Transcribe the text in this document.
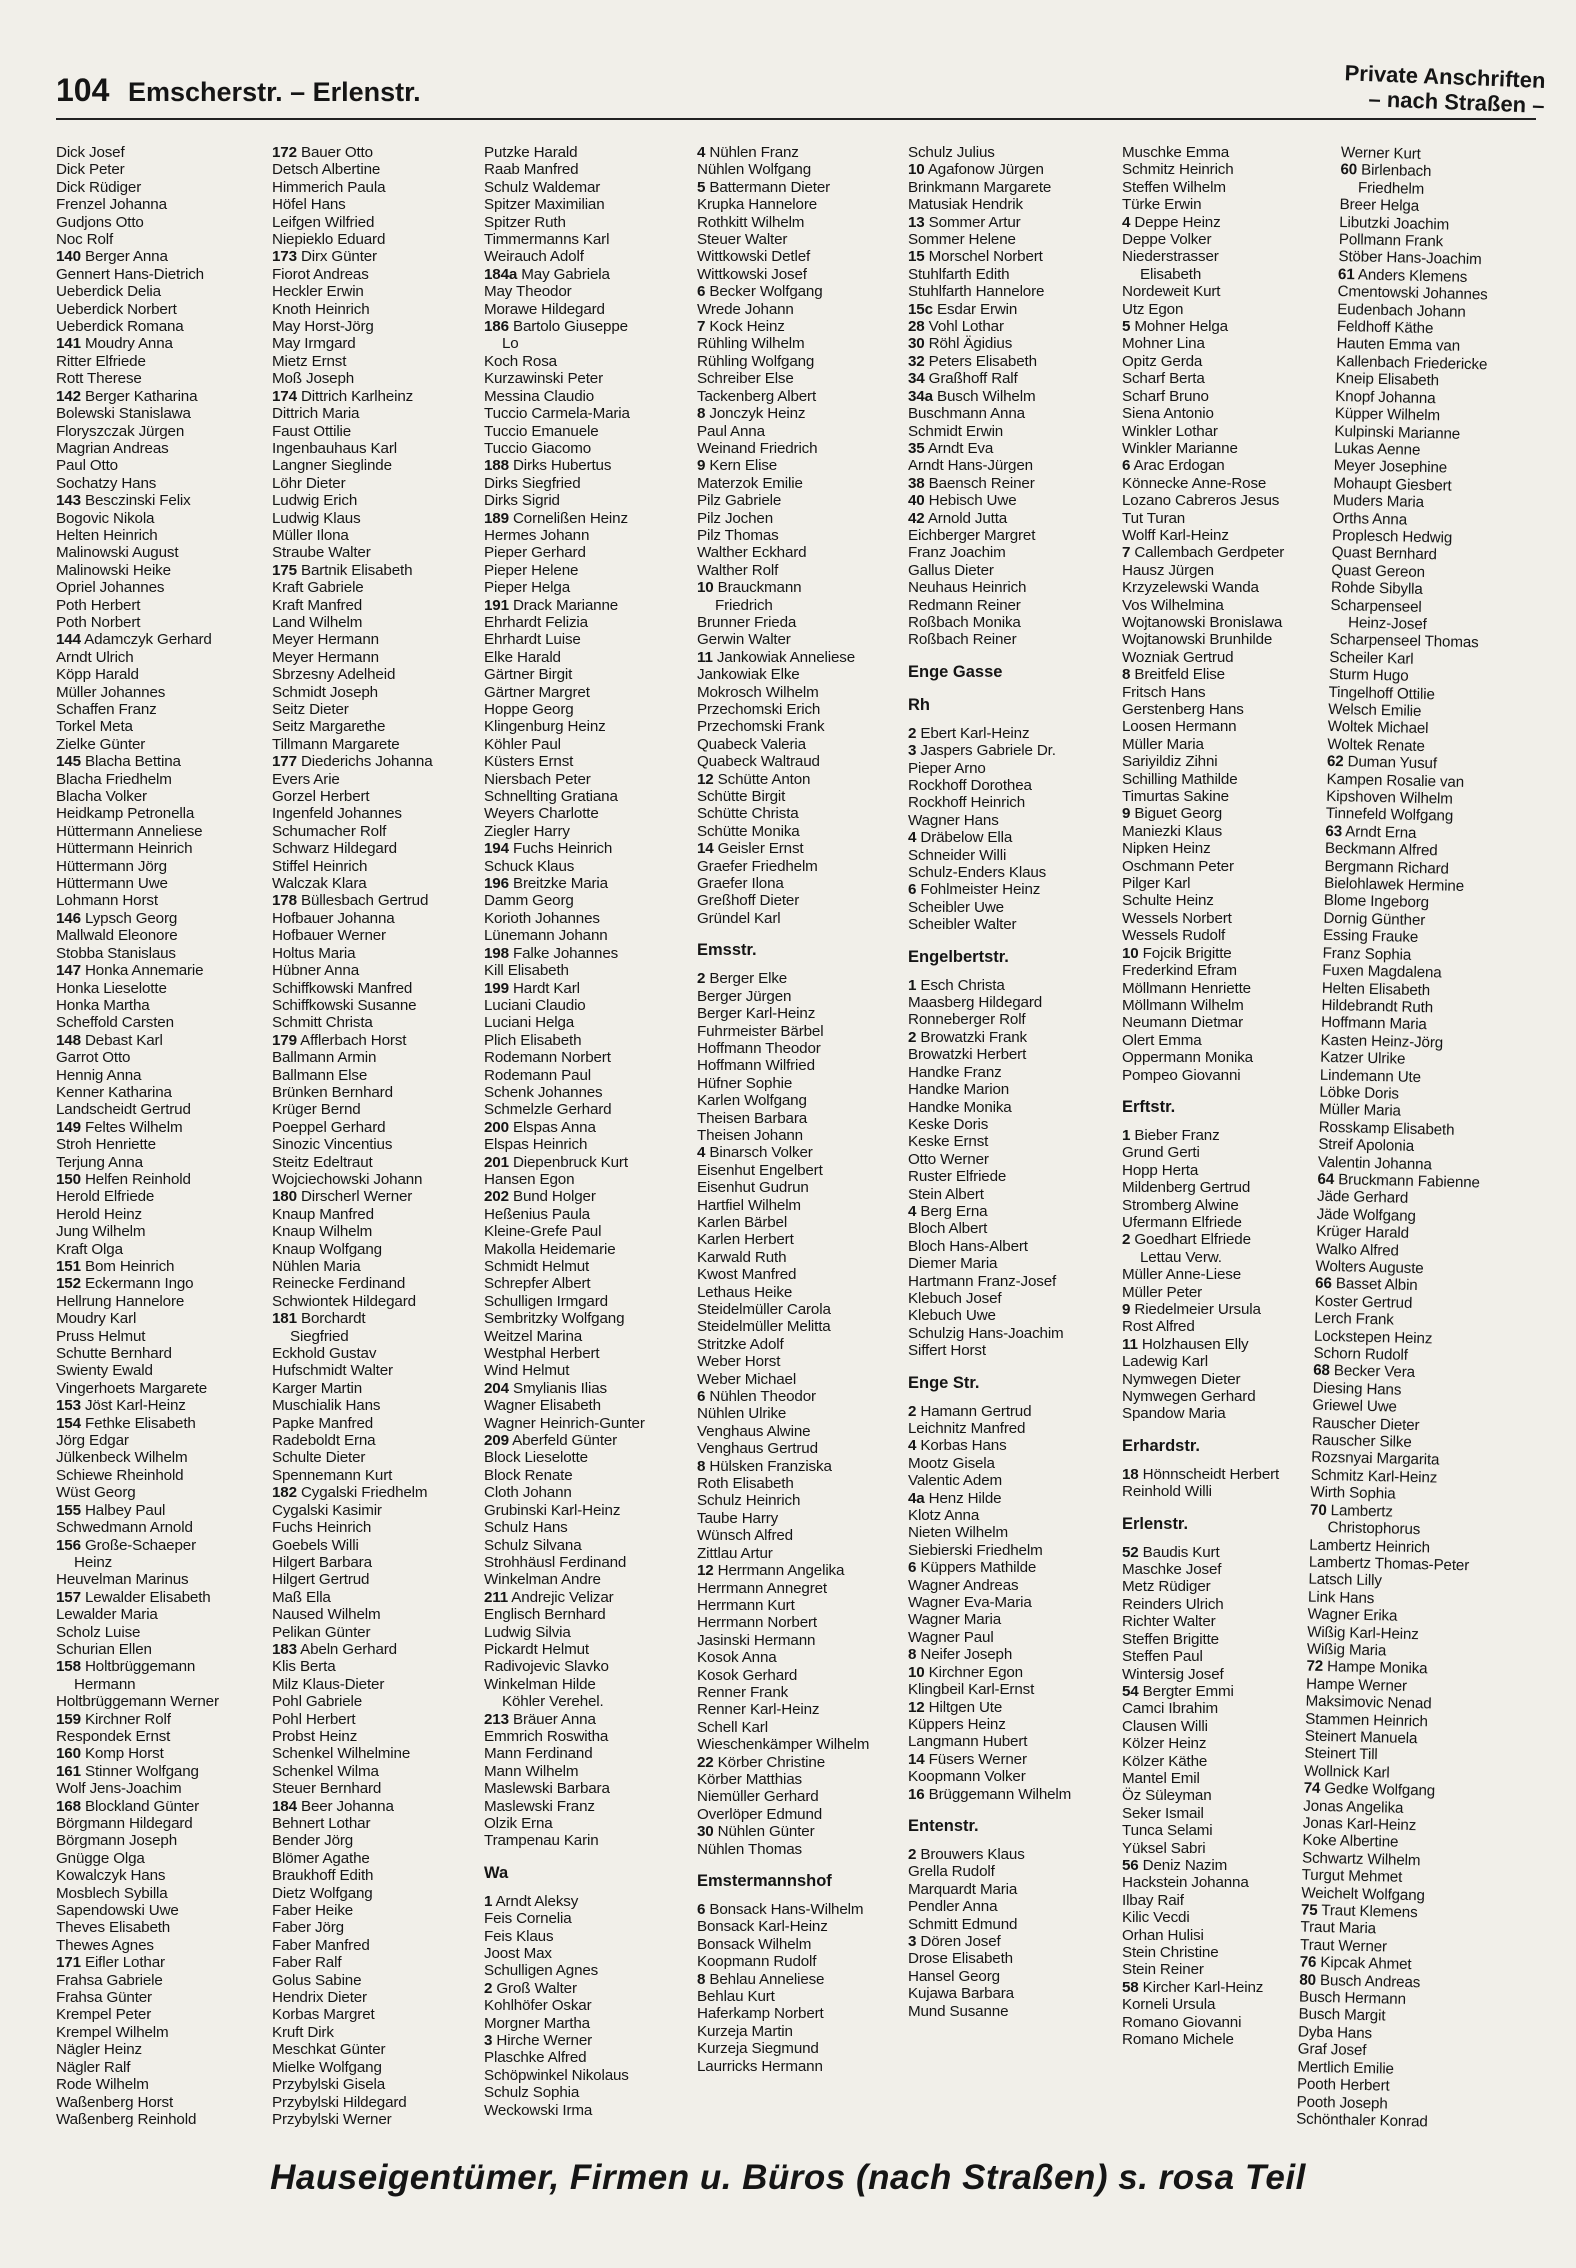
104 Emscherstr. – Erlenstr.	Private Anschriften
– nach Straßen –
Dick Josef
Dick Peter
Dick Rüdiger
Frenzel Johanna
Gudjons Otto
Noc Rolf
140 Berger Anna
Gennert Hans-Dietrich
Ueberdick Delia
Ueberdick Norbert
Ueberdick Romana
141 Moudry Anna
Ritter Elfriede
Rott Therese
142 Berger Katharina
Bolewski Stanislawa
Floryszczak Jürgen
Magrian Andreas
Paul Otto
Sochatzy Hans
143 Besczinski Felix
Bogovic Nikola
Helten Heinrich
Malinowski August
Malinowski Heike
Opriel Johannes
Poth Herbert
Poth Norbert
144 Adamczyk Gerhard
Arndt Ulrich
Köpp Harald
Müller Johannes
Schaffen Franz
Torkel Meta
Zielke Günter
145 Blacha Bettina
Blacha Friedhelm
Blacha Volker
Heidkamp Petronella
Hüttermann Anneliese
Hüttermann Heinrich
Hüttermann Jörg
Hüttermann Uwe
Lohmann Horst
146 Lypsch Georg
Mallwald Eleonore
Stobba Stanislaus
147 Honka Annemarie
Honka Lieselotte
Honka Martha
Scheffold Carsten
148 Debast Karl
Garrot Otto
Hennig Anna
Kenner Katharina
Landscheidt Gertrud
149 Feltes Wilhelm
Stroh Henriette
Terjung Anna
150 Helfen Reinhold
Herold Elfriede
Herold Heinz
Jung Wilhelm
Kraft Olga
151 Bom Heinrich
152 Eckermann Ingo
Hellrung Hannelore
Moudry Karl
Pruss Helmut
Schutte Bernhard
Swienty Ewald
Vingerhoets Margarete
153 Jöst Karl-Heinz
154 Fethke Elisabeth
Jörg Edgar
Jülkenbeck Wilhelm
Schiewe Rheinhold
Wüst Georg
155 Halbey Paul
Schwedmann Arnold
156 Große-Schaeper
Heinz
Heuvelman Marinus
157 Lewalder Elisabeth
Lewalder Maria
Scholz Luise
Schurian Ellen
158 Holtbrüggemann
Hermann
Holtbrüggemann Werner
159 Kirchner Rolf
Respondek Ernst
160 Komp Horst
161 Stinner Wolfgang
Wolf Jens-Joachim
168 Blockland Günter
Börgmann Hildegard
Börgmann Joseph
Gnügge Olga
Kowalczyk Hans
Mosblech Sybilla
Sapendowski Uwe
Theves Elisabeth
Thewes Agnes
171 Eifler Lothar
Frahsa Gabriele
Frahsa Günter
Krempel Peter
Krempel Wilhelm
Nägler Heinz
Nägler Ralf
Rode Wilhelm
Waßenberg Horst
Waßenberg Reinhold
172 Bauer Otto
Detsch Albertine
Himmerich Paula
Höfel Hans
Leifgen Wilfried
Niepieklo Eduard
173 Dirx Günter
Fiorot Andreas
Heckler Erwin
Knoth Heinrich
May Horst-Jörg
May Irmgard
Mietz Ernst
Moß Joseph
174 Dittrich Karlheinz
Dittrich Maria
Faust Ottilie
Ingenbauhaus Karl
Langner Sieglinde
Löhr Dieter
Ludwig Erich
Ludwig Klaus
Müller Ilona
Straube Walter
175 Bartnik Elisabeth
Kraft Gabriele
Kraft Manfred
Land Wilhelm
Meyer Hermann
Meyer Hermann
Sbrzesny Adelheid
Schmidt Joseph
Seitz Dieter
Seitz Margarethe
Tillmann Margarete
177 Diederichs Johanna
Evers Arie
Gorzel Herbert
Ingenfeld Johannes
Schumacher Rolf
Schwarz Hildegard
Stiffel Heinrich
Walczak Klara
178 Büllesbach Gertrud
Hofbauer Johanna
Hofbauer Werner
Holtus Maria
Hübner Anna
Schiffkowski Manfred
Schiffkowski Susanne
Schmitt Christa
179 Afflerbach Horst
Ballmann Armin
Ballmann Else
Brünken Bernhard
Krüger Bernd
Poeppel Gerhard
Sinozic Vincentius
Steitz Edeltraut
Wojciechowski Johann
180 Dirscherl Werner
Knaup Manfred
Knaup Wilhelm
Knaup Wolfgang
Nühlen Maria
Reinecke Ferdinand
Schwiontek Hildegard
181 Borchardt
Siegfried
Eckhold Gustav
Hufschmidt Walter
Karger Martin
Muschialik Hans
Papke Manfred
Radeboldt Erna
Schulte Dieter
Spennemann Kurt
182 Cygalski Friedhelm
Cygalski Kasimir
Fuchs Heinrich
Goebels Willi
Hilgert Barbara
Hilgert Gertrud
Maß Ella
Naused Wilhelm
Pelikan Günter
183 Abeln Gerhard
Klis Berta
Milz Klaus-Dieter
Pohl Gabriele
Pohl Herbert
Probst Heinz
Schenkel Wilhelmine
Schenkel Wilma
Steuer Bernhard
184 Beer Johanna
Behnert Lothar
Bender Jörg
Blömer Agathe
Braukhoff Edith
Dietz Wolfgang
Faber Heike
Faber Jörg
Faber Manfred
Faber Ralf
Golus Sabine
Hendrix Dieter
Korbas Margret
Kruft Dirk
Meschkat Günter
Mielke Wolfgang
Przybylski Gisela
Przybylski Hildegard
Przybylski Werner
Putzke Harald
Raab Manfred
Schulz Waldemar
Spitzer Maximilian
Spitzer Ruth
Timmermanns Karl
Weirauch Adolf
184a May Gabriela
May Theodor
Morawe Hildegard
186 Bartolo Giuseppe
Lo
Koch Rosa
Kurzawinski Peter
Messina Claudio
Tuccio Carmela-Maria
Tuccio Emanuele
Tuccio Giacomo
188 Dirks Hubertus
Dirks Siegfried
Dirks Sigrid
189 Cornelißen Heinz
Hermes Johann
Pieper Gerhard
Pieper Helene
Pieper Helga
191 Drack Marianne
Ehrhardt Felizia
Ehrhardt Luise
Elke Harald
Gärtner Birgit
Gärtner Margret
Hoppe Georg
Klingenburg Heinz
Köhler Paul
Küsters Ernst
Niersbach Peter
Schnellting Gratiana
Weyers Charlotte
Ziegler Harry
194 Fuchs Heinrich
Schuck Klaus
196 Breitzke Maria
Damm Georg
Korioth Johannes
Lünemann Johann
198 Falke Johannes
Kill Elisabeth
199 Hardt Karl
Luciani Claudio
Luciani Helga
Plich Elisabeth
Rodemann Norbert
Rodemann Paul
Schenk Johannes
Schmelzle Gerhard
200 Elspas Anna
Elspas Heinrich
201 Diepenbruck Kurt
Hansen Egon
202 Bund Holger
Heßenius Paula
Kleine-Grefe Paul
Makolla Heidemarie
Schmidt Helmut
Schrepfer Albert
Schulligen Irmgard
Sembritzky Wolfgang
Weitzel Marina
Westphal Herbert
Wind Helmut
204 Smylianis Ilias
Wagner Elisabeth
Wagner Heinrich-Gunter
209 Aberfeld Günter
Block Lieselotte
Block Renate
Cloth Johann
Grubinski Karl-Heinz
Schulz Hans
Schulz Silvana
Strohhäusl Ferdinand
Winkelman Andre
211 Andrejic Velizar
Englisch Bernhard
Ludwig Silvia
Pickardt Helmut
Radivojevic Slavko
Winkelman Hilde
Köhler Verehel.
213 Bräuer Anna
Emmrich Roswitha
Mann Ferdinand
Mann Wilhelm
Maslewski Barbara
Maslewski Franz
Olzik Erna
Trampenau Karin
Wa
1 Arndt Aleksy
Feis Cornelia
Feis Klaus
Joost Max
Schulligen Agnes
2 Groß Walter
Kohlhöfer Oskar
Morgner Martha
3 Hirche Werner
Plaschke Alfred
Schöpwinkel Nikolaus
Schulz Sophia
Weckowski Irma
4 Nühlen Franz
Nühlen Wolfgang
5 Battermann Dieter
Krupka Hannelore
Rothkitt Wilhelm
Steuer Walter
Wittkowski Detlef
Wittkowski Josef
6 Becker Wolfgang
Wrede Johann
7 Kock Heinz
Rühling Wilhelm
Rühling Wolfgang
Schreiber Else
Tackenberg Albert
8 Jonczyk Heinz
Paul Anna
Weinand Friedrich
9 Kern Elise
Materzok Emilie
Pilz Gabriele
Pilz Jochen
Pilz Thomas
Walther Eckhard
Walther Rolf
10 Brauckmann
Friedrich
Brunner Frieda
Gerwin Walter
11 Jankowiak Anneliese
Jankowiak Elke
Mokrosch Wilhelm
Przechomski Erich
Przechomski Frank
Quabeck Valeria
Quabeck Waltraud
12 Schütte Anton
Schütte Birgit
Schütte Christa
Schütte Monika
14 Geisler Ernst
Graefer Friedhelm
Graefer Ilona
Greßhoff Dieter
Gründel Karl
Emsstr.
2 Berger Elke
Berger Jürgen
Berger Karl-Heinz
Fuhrmeister Bärbel
Hoffmann Theodor
Hoffmann Wilfried
Hüfner Sophie
Karlen Wolfgang
Theisen Barbara
Theisen Johann
4 Binarsch Volker
Eisenhut Engelbert
Eisenhut Gudrun
Hartfiel Wilhelm
Karlen Bärbel
Karlen Herbert
Karwald Ruth
Kwost Manfred
Lethaus Heike
Steidelmüller Carola
Steidelmüller Melitta
Stritzke Adolf
Weber Horst
Weber Michael
6 Nühlen Theodor
Nühlen Ulrike
Venghaus Alwine
Venghaus Gertrud
8 Hülsken Franziska
Roth Elisabeth
Schulz Heinrich
Taube Harry
Wünsch Alfred
Zittlau Artur
12 Herrmann Angelika
Herrmann Annegret
Herrmann Kurt
Herrmann Norbert
Jasinski Hermann
Kosok Anna
Kosok Gerhard
Renner Frank
Renner Karl-Heinz
Schell Karl
Wieschenkämper Wilhelm
22 Körber Christine
Körber Matthias
Niemüller Gerhard
Overlöper Edmund
30 Nühlen Günter
Nühlen Thomas
Emstermannshof
6 Bonsack Hans-Wilhelm
Bonsack Karl-Heinz
Bonsack Wilhelm
Koopmann Rudolf
8 Behlau Anneliese
Behlau Kurt
Haferkamp Norbert
Kurzeja Martin
Kurzeja Siegmund
Laurricks Hermann
Schulz Julius
10 Agafonow Jürgen
Brinkmann Margarete
Matusiak Hendrik
13 Sommer Artur
Sommer Helene
15 Morschel Norbert
Stuhlfarth Edith
Stuhlfarth Hannelore
15c Esdar Erwin
28 Vohl Lothar
30 Röhl Ägidius
32 Peters Elisabeth
34 Graßhoff Ralf
34a Busch Wilhelm
Buschmann Anna
Schmidt Erwin
35 Arndt Eva
Arndt Hans-Jürgen
38 Baensch Reiner
40 Hebisch Uwe
42 Arnold Jutta
Eichberger Margret
Franz Joachim
Gallus Dieter
Neuhaus Heinrich
Redmann Reiner
Roßbach Monika
Roßbach Reiner
Enge Gasse
Rh
2 Ebert Karl-Heinz
3 Jaspers Gabriele Dr.
Pieper Arno
Rockhoff Dorothea
Rockhoff Heinrich
Wagner Hans
4 Dräbelow Ella
Schneider Willi
Schulz-Enders Klaus
6 Fohlmeister Heinz
Scheibler Uwe
Scheibler Walter
Engelbertstr.
1 Esch Christa
Maasberg Hildegard
Ronneberger Rolf
2 Browatzki Frank
Browatzki Herbert
Handke Franz
Handke Marion
Handke Monika
Keske Doris
Keske Ernst
Otto Werner
Ruster Elfriede
Stein Albert
4 Berg Erna
Bloch Albert
Bloch Hans-Albert
Diemer Maria
Hartmann Franz-Josef
Klebuch Josef
Klebuch Uwe
Schulzig Hans-Joachim
Siffert Horst
Enge Str.
2 Hamann Gertrud
Leichnitz Manfred
4 Korbas Hans
Mootz Gisela
Valentic Adem
4a Henz Hilde
Klotz Anna
Nieten Wilhelm
Siebierski Friedhelm
6 Küppers Mathilde
Wagner Andreas
Wagner Eva-Maria
Wagner Maria
Wagner Paul
8 Neifer Joseph
10 Kirchner Egon
Klingbeil Karl-Ernst
12 Hiltgen Ute
Küppers Heinz
Langmann Hubert
14 Füsers Werner
Koopmann Volker
16 Brüggemann Wilhelm
Entenstr.
2 Brouwers Klaus
Grella Rudolf
Marquardt Maria
Pendler Anna
Schmitt Edmund
3 Dören Josef
Drose Elisabeth
Hansel Georg
Kujawa Barbara
Mund Susanne
Muschke Emma
Schmitz Heinrich
Steffen Wilhelm
Türke Erwin
4 Deppe Heinz
Deppe Volker
Niederstrasser
Elisabeth
Nordeweit Kurt
Utz Egon
5 Mohner Helga
Mohner Lina
Opitz Gerda
Scharf Berta
Scharf Bruno
Siena Antonio
Winkler Lothar
Winkler Marianne
6 Arac Erdogan
Könnecke Anne-Rose
Lozano Cabreros Jesus
Tut Turan
Wolff Karl-Heinz
7 Callembach Gerdpeter
Hausz Jürgen
Krzyzelewski Wanda
Vos Wilhelmina
Wojtanowski Bronislawa
Wojtanowski Brunhilde
Wozniak Gertrud
8 Breitfeld Elise
Fritsch Hans
Gerstenberg Hans
Loosen Hermann
Müller Maria
Sariyildiz Zihni
Schilling Mathilde
Timurtas Sakine
9 Biguet Georg
Maniezki Klaus
Nipken Heinz
Oschmann Peter
Pilger Karl
Schulte Heinz
Wessels Norbert
Wessels Rudolf
10 Fojcik Brigitte
Frederkind Efram
Möllmann Henriette
Möllmann Wilhelm
Neumann Dietmar
Olert Emma
Oppermann Monika
Pompeo Giovanni
Erftstr.
1 Bieber Franz
Grund Gerti
Hopp Herta
Mildenberg Gertrud
Stromberg Alwine
Ufermann Elfriede
2 Goedhart Elfriede
Lettau Verw.
Müller Anne-Liese
Müller Peter
9 Riedelmeier Ursula
Rost Alfred
11 Holzhausen Elly
Ladewig Karl
Nymwegen Dieter
Nymwegen Gerhard
Spandow Maria
Erhardstr.
18 Hönnscheidt Herbert
Reinhold Willi
Erlenstr.
52 Baudis Kurt
Maschke Josef
Metz Rüdiger
Reinders Ulrich
Richter Walter
Steffen Brigitte
Steffen Paul
Wintersig Josef
54 Bergter Emmi
Camci Ibrahim
Clausen Willi
Kölzer Heinz
Kölzer Käthe
Mantel Emil
Öz Süleyman
Seker Ismail
Tunca Selami
Yüksel Sabri
56 Deniz Nazim
Hackstein Johanna
Ilbay Raif
Kilic Vecdi
Orhan Hulisi
Stein Christine
Stein Reiner
58 Kircher Karl-Heinz
Korneli Ursula
Romano Giovanni
Romano Michele
Werner Kurt
60 Birlenbach
Friedhelm
Breer Helga
Libutzki Joachim
Pollmann Frank
Stöber Hans-Joachim
61 Anders Klemens
Cmentowski Johannes
Eudenbach Johann
Feldhoff Käthe
Hauten Emma van
Kallenbach Friedericke
Kneip Elisabeth
Knopf Johanna
Küpper Wilhelm
Kulpinski Marianne
Lukas Aenne
Meyer Josephine
Mohaupt Giesbert
Muders Maria
Orths Anna
Proplesch Hedwig
Quast Bernhard
Quast Gereon
Rohde Sibylla
Scharpenseel
Heinz-Josef
Scharpenseel Thomas
Scheiler Karl
Sturm Hugo
Tingelhoff Ottilie
Welsch Emilie
Woltek Michael
Woltek Renate
62 Duman Yusuf
Kampen Rosalie van
Kipshoven Wilhelm
Tinnefeld Wolfgang
63 Arndt Erna
Beckmann Alfred
Bergmann Richard
Bielohlawek Hermine
Blome Ingeborg
Dornig Günther
Essing Frauke
Franz Sophia
Fuxen Magdalena
Helten Elisabeth
Hildebrandt Ruth
Hoffmann Maria
Kasten Heinz-Jörg
Katzer Ulrike
Lindemann Ute
Löbke Doris
Müller Maria
Rosskamp Elisabeth
Streif Apolonia
Valentin Johanna
64 Bruckmann Fabienne
Jäde Gerhard
Jäde Wolfgang
Krüger Harald
Walko Alfred
Wolters Auguste
66 Basset Albin
Koster Gertrud
Lerch Frank
Lockstepen Heinz
Schorn Rudolf
68 Becker Vera
Diesing Hans
Griewel Uwe
Rauscher Dieter
Rauscher Silke
Rozsnyai Margarita
Schmitz Karl-Heinz
Wirth Sophia
70 Lambertz
Christophorus
Lambertz Heinrich
Lambertz Thomas-Peter
Latsch Lilly
Link Hans
Wagner Erika
Wißig Karl-Heinz
Wißig Maria
72 Hampe Monika
Hampe Werner
Maksimovic Nenad
Stammen Heinrich
Steinert Manuela
Steinert Till
Wollnick Karl
74 Gedke Wolfgang
Jonas Angelika
Jonas Karl-Heinz
Koke Albertine
Schwartz Wilhelm
Turgut Mehmet
Weichelt Wolfgang
75 Traut Klemens
Traut Maria
Traut Werner
76 Kipcak Ahmet
80 Busch Andreas
Busch Hermann
Busch Margit
Dyba Hans
Graf Josef
Mertlich Emilie
Pooth Herbert
Pooth Joseph
Schönthaler Konrad
Hauseigentümer, Firmen u. Büros (nach Straßen) s. rosa Teil
